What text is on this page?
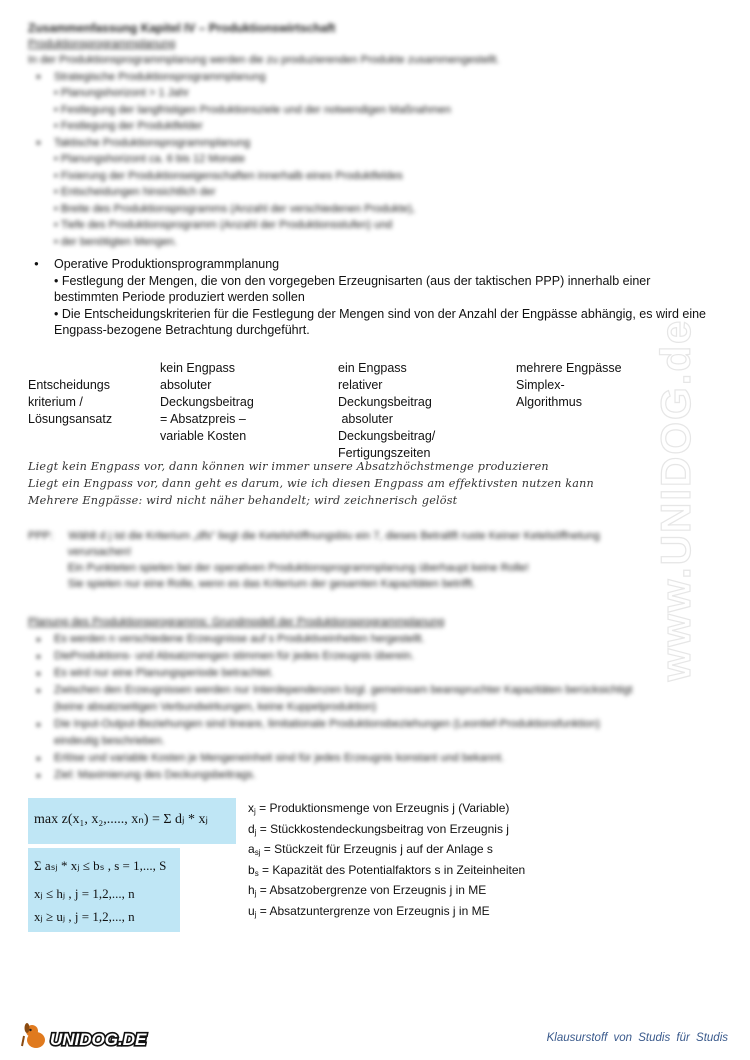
Zusammenfassung Kapitel IV – Produktionswirtschaft
Produktionsprogrammplanung
In der Produktionsprogrammplanung werden die zu produzierenden Produkte zusammengestellt.
● Strategische Produktionsprogrammplanung
• Planungshorizont > 1 Jahr
• Festlegung der langfristigen Produktionsziele und der notwendigen Maßnahmen
• Festlegung der Produktfelder
● Taktische Produktionsprogrammplanung
• Planungshorizont ca. 6 bis 12 Monate
• Fixierung der Produktionseigenschaften innerhalb eines Produktfeldes
• Entscheidungen hinsichtlich der
• Breite des Produktionsprogramms (Anzahl der verschiedenen Produkte),
• Tiefe des Produktionsprogramm (Anzahl der Produktionsstufen) und
• der benötigten Mengen.
● Operative Produktionsprogrammplanung
• Festlegung der Mengen, die von den vorgegeben Erzeugnisarten (aus der taktischen PPP) innerhalb einer
bestimmten Periode produziert werden sollen
• Die Entscheidungskriterien für die Festlegung der Mengen sind von der Anzahl der Engpässe abhängig, es wird eine
Engpass-bezogene Betrachtung durchgeführt.
Entscheidungs
kriterium /
Lösungsansatz
kein Engpass
absoluter
Deckungsbeitrag
= Absatzpreis –
variable Kosten
ein Engpass
relativer
Deckungsbeitrag
absoluter
Deckungsbeitrag/
Fertigungszeiten
mehrere Engpässe
Simplex-
Algorithmus
Liegt kein Engpass vor, dann können wir immer unsere Absatzhöchstmenge produzieren
Liegt ein Engpass vor, dann geht es darum, wie ich diesen Engpass am effektivsten nutzen kann
Mehrere Engpässe: wird nicht näher behandelt; wird zeichnerisch gelöst
PPP:     Wählt d j ist die Kriterium „dfs“ liegt die Ketelshöffnungsbiu ein 7, dieses Betraltft ruste Keiner Ketelsöffnetung
verursachen!
Ein Punkteten spielen bei der operativen Produktionsprogrammplanung überhaupt keine Rolle!
Sie spielen nur eine Rolle, wenn es das Kriterium der gesamten Kapazitäten betrifft.
Planung des Produktionsprogramms: Grundmodell der Produktionsprogrammplanung
● Es werden n verschiedene Erzeugnisse auf s Produktiveinheiten hergestellt.
● DieProduktions- und Absatzmengen stimmen für jedes Erzeugnis überein.
● Es wird nur eine Planungsperiode betrachtet.
● Zwischen den Erzeugnissen werden nur Interdependenzen bzgl. gemeinsam beanspruchter Kapazitäten berücksichtigt
(keine absatzseitigen Verbundwirkungen, keine Kuppelproduktion)
● Die Input-Output-Beziehungen sind lineare, limitationale Produktionsbeziehungen (Leontief-Produktionsfunktion)
eindeutig beschrieben.
● Erlöse und variable Kosten je Mengeneinheit sind für jedes Erzeugnis konstant und bekannt.
● Ziel: Maximierung des Deckungsbeitrags.
www.UNIDOG.de
max z(x₁, x₂,....., xₙ) = Σ dⱼ * xⱼ
Σ aₛⱼ * xⱼ ≤ bₛ , s = 1,..., S
xⱼ ≤ hⱼ , j = 1,2,..., n
xⱼ ≥ uⱼ , j = 1,2,..., n
$x_j$ = Produktionsmenge von Erzeugnis j (Variable)
$d_j$ = Stückkostendeckungsbeitrag von Erzeugnis j
$a_{sj}$ = Stückzeit für Erzeugnis j auf der Anlage s
$b_s$ = Kapazität des Potentialfaktors s in Zeiteinheiten
$h_j$ = Absatzobergrenze von Erzeugnis j in ME
$u_j$ = Absatzuntergrenze von Erzeugnis j in ME
UNIDOG.DE	Klausurstoff von Studis für Studis
